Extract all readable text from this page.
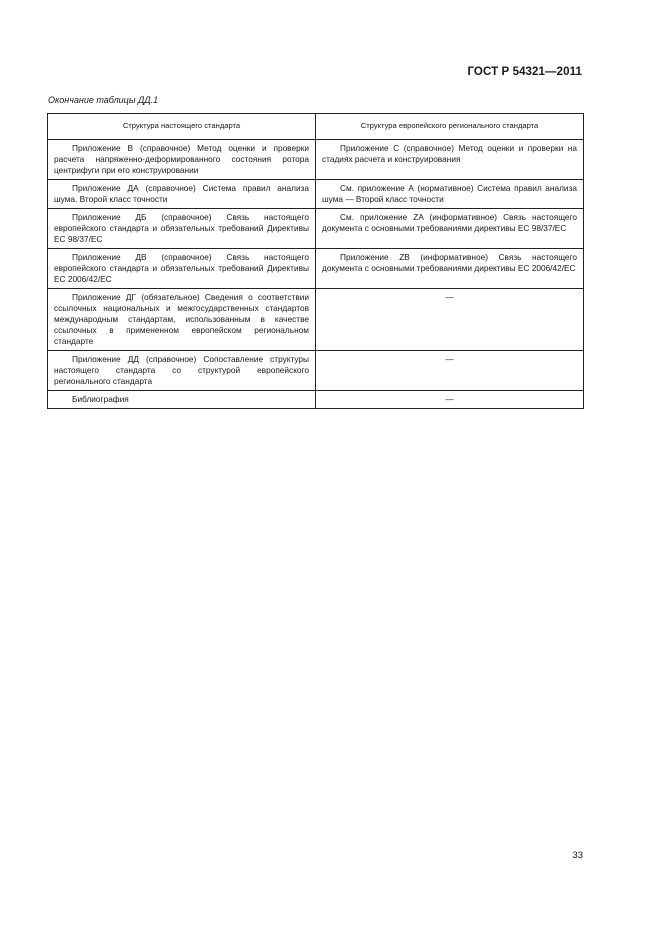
ГОСТ Р 54321—2011
Окончание таблицы ДД.1
Структура настоящего стандарта	Структура европейского регионального стандарта
Приложение В (справочное) Метод оценки и проверки расчета напряженно-деформированного состояния ротора центрифуги при его конструировании	Приложение С (справочное) Метод оценки и проверки на стадиях расчета и конструирования
Приложение ДА (справочное) Система правил анализа шума. Второй класс точности	См. приложение А (нормативное) Система правил анализа шума — Второй класс точности
Приложение ДБ (справочное) Связь настоящего европейского стандарта и обязательных требований Директивы ЕС 98/37/ЕС	См. приложение ZA (информативное) Связь настоящего документа с основными требованиями директивы ЕС 98/37/ЕС
Приложение ДВ (справочное) Связь настоящего европейского стандарта и обязательных требований Директивы ЕС 2006/42/ЕС	Приложение ZB (информативное) Связь настоящего документа с основными требованиями директивы ЕС 2006/42/ЕС
Приложение ДГ (обязательное) Сведения о соответствии ссылочных национальных и межгосударственных стандартов международным стандартам, использованным в качестве ссылочных в примененном европейском региональном стандарте	—
Приложение ДД (справочное) Сопоставление структуры настоящего стандарта со структурой европейского регионального стандарта	—
Библиография	—
33
